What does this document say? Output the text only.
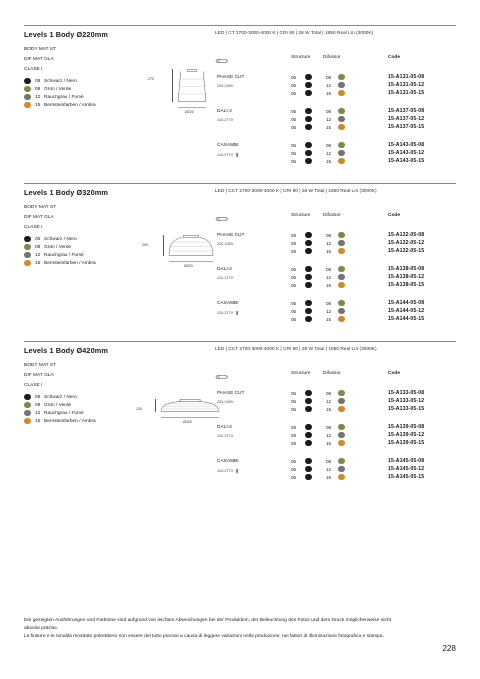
Levels 1 Body Ø220mm	LED | CT 2700-3000-4000 K | CRI 90 | 28 W Total | 1850 Real Lm (3000K)
BODY MAT ST
DIF MAT GLA
CLASE I
05 Schwarz / Nero
08 Grün / Verde
12 Rauchgrau / Fumé
15 Bernsteinfarben / Ambra
270
Ø220
Structure	Difussor	Code
PHASE CUT
220-240V
05	08	15-A131-05-08
05	12	15-A131-05-12
05	15	15-A131-05-15
DALI-2
110-277V
05	08	15-A137-05-08
05	12	15-A137-05-12
05	15	15-A137-05-15
CASAMBI
110-277V
05	08	15-A143-05-08
05	12	15-A143-05-12
05	15	15-A143-05-15
Levels 1 Body Ø320mm	LED | CCT 2700-3000-4000 K | CRI 90 | 28 W Total | 1850 Real Lm (3000K)
BODY MAT ST
DIF MAT GLA
CLASE I
05 Schwarz / Nero
08 Grün / Verde
12 Rauchgrau / Fumé
15 Bernsteinfarben / Ambra
200
Ø320
Structure	Difussor	Code
PHASE CUT
220-240V
05	08	15-A132-05-08
05	12	15-A132-05-12
05	15	15-A132-05-15
DALI-2
110-277V
05	08	15-A138-05-08
05	12	15-A138-05-12
05	15	15-A138-05-15
CASAMBI
110-277V
05	08	15-A144-05-08
05	12	15-A144-05-12
05	15	15-A144-05-15
Levels 1 Body Ø420mm	LED | CCT 2700-3000-4000 K | CRI 90 | 28 W Total | 1850 Real Lm (3000K)
BODY MAT ST
DIF MAT GLA
CLASE I
05 Schwarz / Nero
08 Grün / Verde
12 Rauchgrau / Fumé
15 Bernsteinfarben / Ambra
130
Ø420
Structure	Difussor	Code
PHASE CUT
220-240V
05	08	15-A133-05-08
05	12	15-A133-05-12
05	15	15-A133-05-15
DALI-2
110-277V
05	08	15-A139-05-08
05	12	15-A139-05-12
05	15	15-A139-05-15
CASAMBI
110-277V
05	08	15-A145-05-08
05	12	15-A145-05-12
05	15	15-A145-05-15
Die gezeigten Ausführungen und Farbtöne sind aufgrund von leichten Abweichungen bei der Produktion, der Beleuchtung des Fotos und dem Druck möglicherweise nicht absolut präzise.
Le finiture e le tonalità mostrate potrebbero non essere del tutto precise a causa di leggere variazioni nella produzione, nei fattori di illuminazione fotografica e stampa.
228
